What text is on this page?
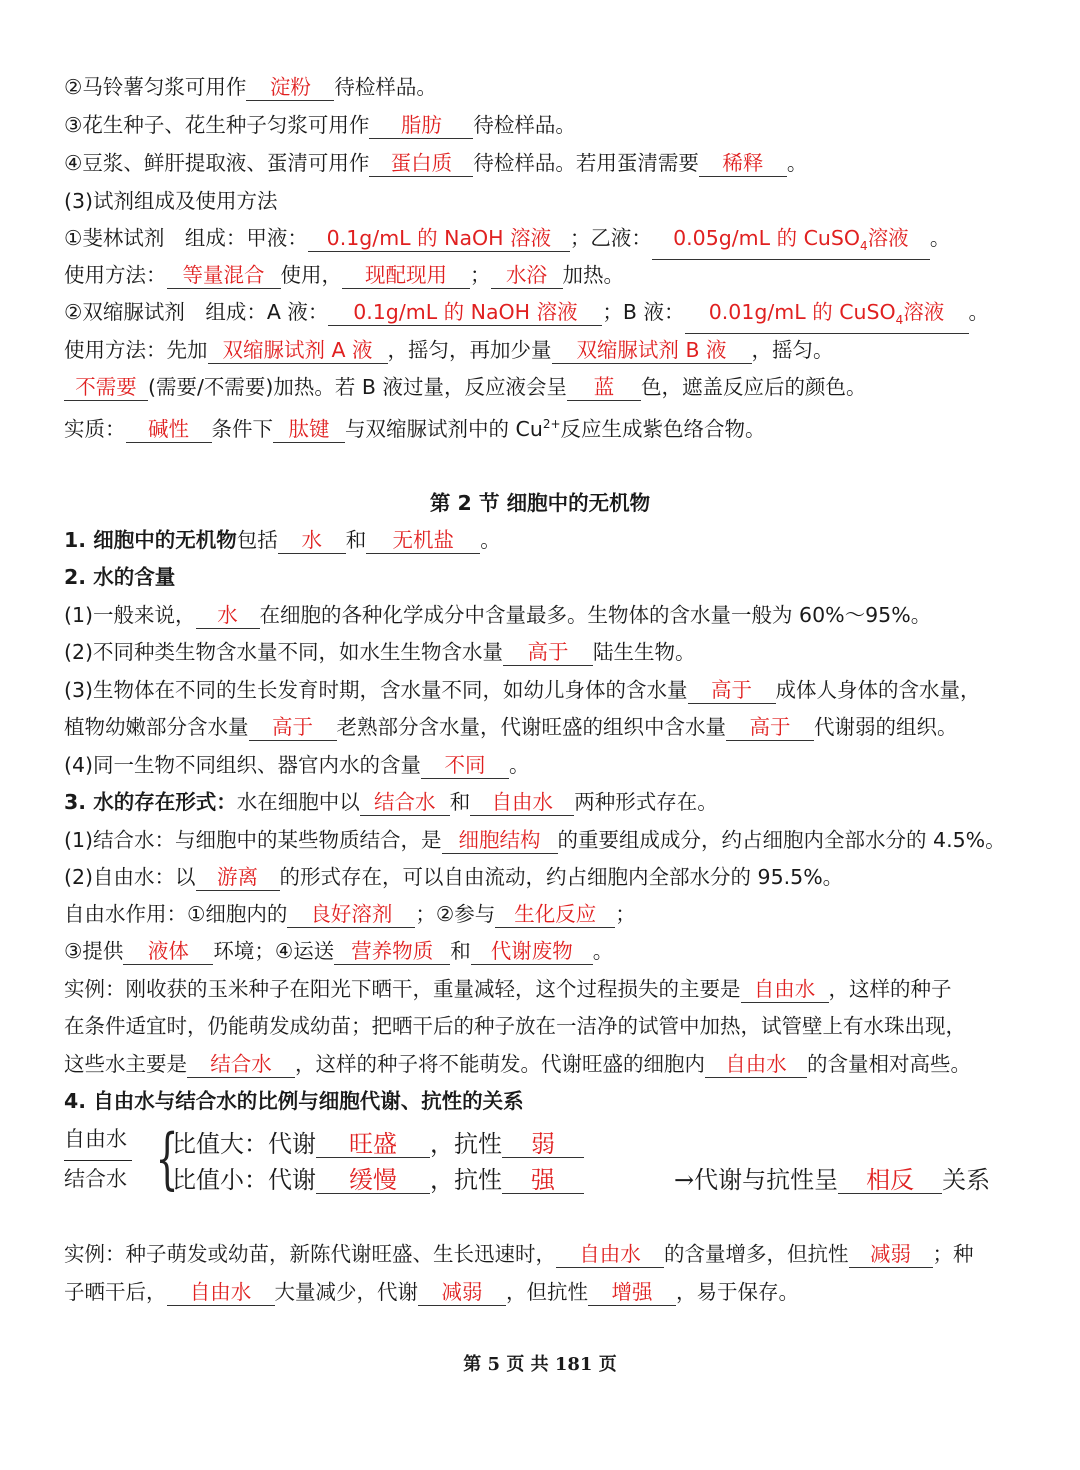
②马铃薯匀浆可用作 淀粉 待检样品。
③花生种子、花生种子匀浆可用作 脂肪 待检样品。
④豆浆、鲜肝提取液、蛋清可用作 蛋白质 待检样品。若用蛋清需要 稀释 。
(3)试剂组成及使用方法
①斐林试剂　组成：甲液： 0.1g/mL 的 NaOH 溶液 ；乙液： 0.05g/mL 的 CuSO$_4$溶液 。
使用方法： 等量混合 使用， 现配现用 ； 水浴 加热。
②双缩脲试剂　组成：A 液： 0.1g/mL 的 NaOH 溶液 ；B 液： 0.01g/mL 的 CuSO$_4$溶液 。
使用方法：先加 双缩脲试剂 A 液 ，摇匀，再加少量 双缩脲试剂 B 液 ，摇匀。
不需要 (需要/不需要)加热。若 B 液过量，反应液会呈 蓝 色，遮盖反应后的颜色。
实质： 碱性 条件下 肽键 与双缩脲试剂中的 $Cu^{2+}$反应生成紫色络合物。
第 2 节 细胞中的无机物
1. 细胞中的无机物包括 水 和 无机盐 。
2. 水的含量
(1)一般来说， 水 在细胞的各种化学成分中含量最多。生物体的含水量一般为 60%～95%。
(2)不同种类生物含水量不同，如水生生物含水量 高于 陆生生物。
(3)生物体在不同的生长发育时期，含水量不同，如幼儿身体的含水量 高于 成体人身体的含水量，
植物幼嫩部分含水量 高于 老熟部分含水量，代谢旺盛的组织中含水量 高于 代谢弱的组织。
(4)同一生物不同组织、器官内水的含量 不同 。
3. 水的存在形式：水在细胞中以 结合水 和 自由水 两种形式存在。
(1)结合水：与细胞中的某些物质结合，是 细胞结构 的重要组成成分，约占细胞内全部水分的 4.5%。
(2)自由水：以 游离 的形式存在，可以自由流动，约占细胞内全部水分的 95.5%。
自由水作用：①细胞内的 良好溶剂 ；②参与 生化反应 ；
③提供 液体 环境；④运送 营养物质 和 代谢废物 。
实例：刚收获的玉米种子在阳光下晒干，重量减轻，这个过程损失的主要是 自由水 ，这样的种子
在条件适宜时，仍能萌发成幼苗；把晒干后的种子放在一洁净的试管中加热，试管壁上有水珠出现，
这些水主要是 结合水 ，这样的种子将不能萌发。代谢旺盛的细胞内 自由水 的含量相对高些。
4. 自由水与结合水的比例与细胞代谢、抗性的关系
自由水
结合水 {
比值大：代谢 旺盛 ，抗性 弱
比值小：代谢 缓慢 ，抗性 强	→代谢与抗性呈 相反 关系
实例：种子萌发或幼苗，新陈代谢旺盛、生长迅速时， 自由水 的含量增多，但抗性 减弱 ；种
子晒干后， 自由水 大量减少，代谢 减弱 ，但抗性 增强 ，易于保存。
第 5 页 共 181 页
